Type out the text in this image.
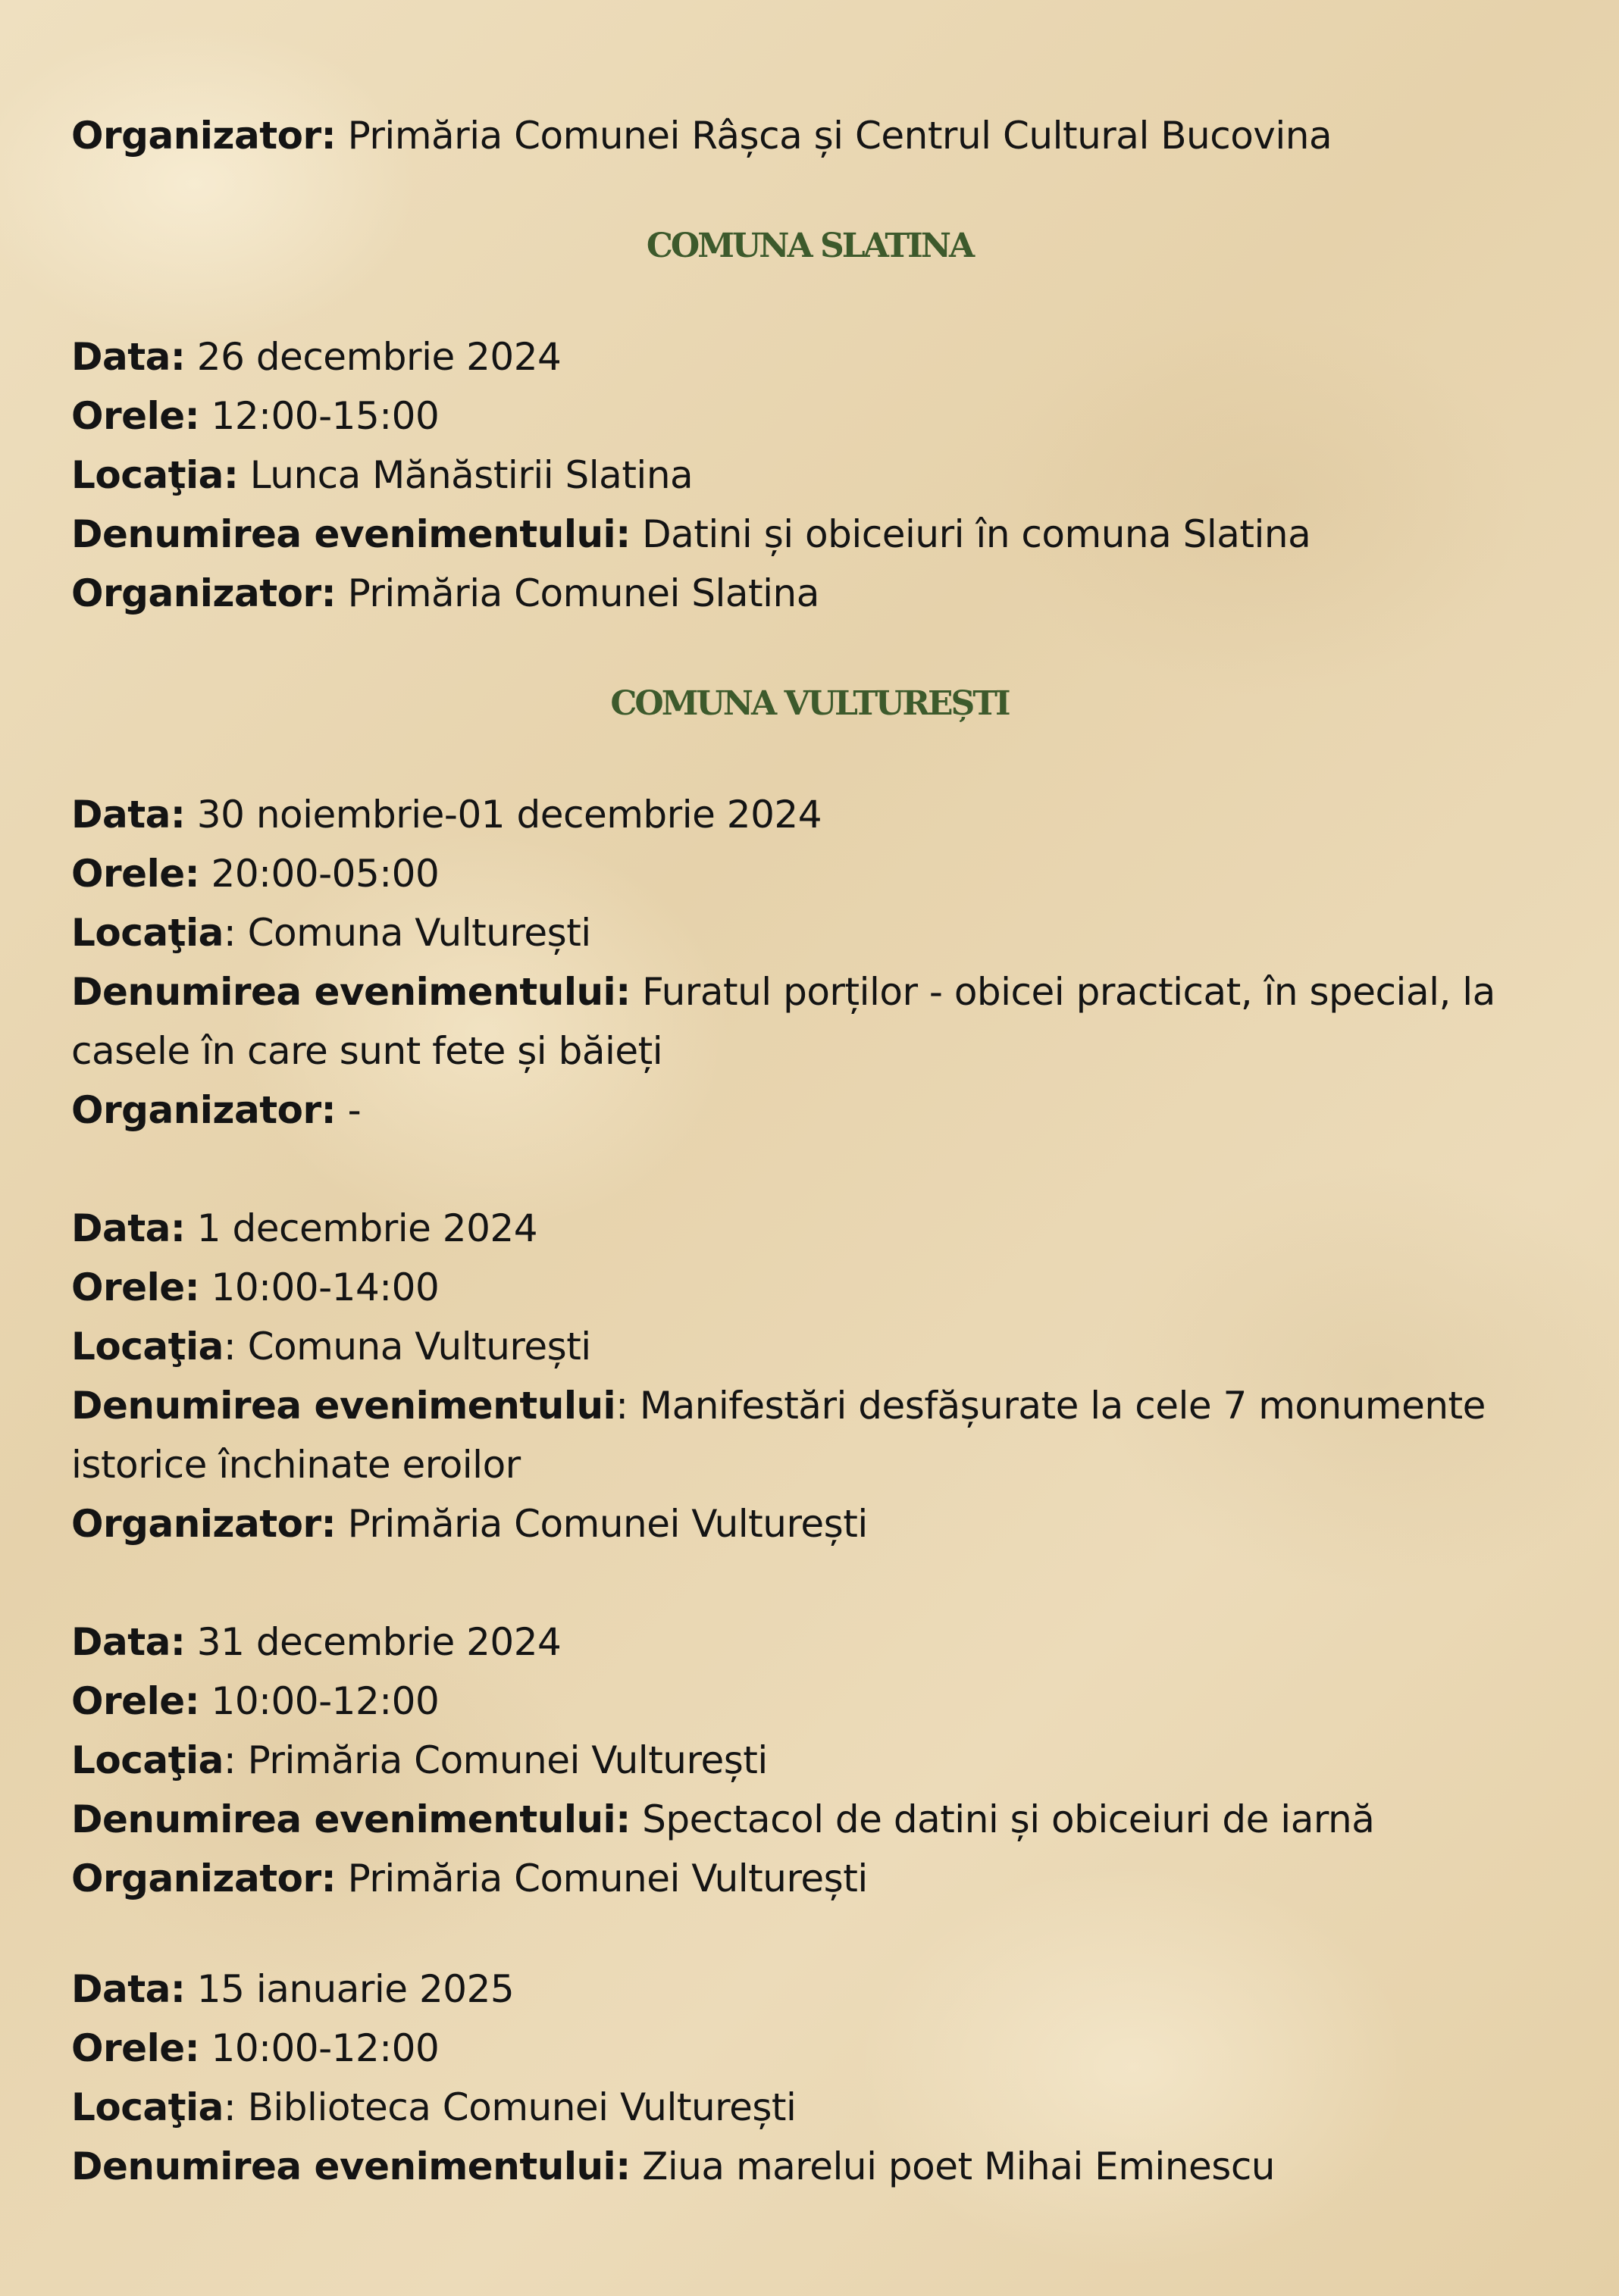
Organizator: Primăria Comunei Râșca și Centrul Cultural Bucovina
COMUNA SLATINA
Data: 26 decembrie 2024
Orele: 12:00-15:00
Locaţia: Lunca Mănăstirii Slatina
Denumirea evenimentului: Datini și obiceiuri în comuna Slatina
Organizator: Primăria Comunei Slatina
COMUNA VULTUREȘTI
Data: 30 noiembrie-01 decembrie 2024
Orele: 20:00-05:00
Locaţia: Comuna Vulturești
Denumirea evenimentului: Furatul porților - obicei practicat, în special, la casele în care sunt fete și băieți
Organizator: -
Data: 1 decembrie 2024
Orele: 10:00-14:00
Locaţia: Comuna Vulturești
Denumirea evenimentului: Manifestări desfășurate la cele 7 monumente istorice închinate eroilor
Organizator: Primăria Comunei Vulturești
Data: 31 decembrie 2024
Orele: 10:00-12:00
Locaţia: Primăria Comunei Vulturești
Denumirea evenimentului: Spectacol de datini și obiceiuri de iarnă
Organizator: Primăria Comunei Vulturești
Data: 15 ianuarie 2025
Orele: 10:00-12:00
Locaţia: Biblioteca Comunei Vulturești
Denumirea evenimentului: Ziua marelui poet Mihai Eminescu
